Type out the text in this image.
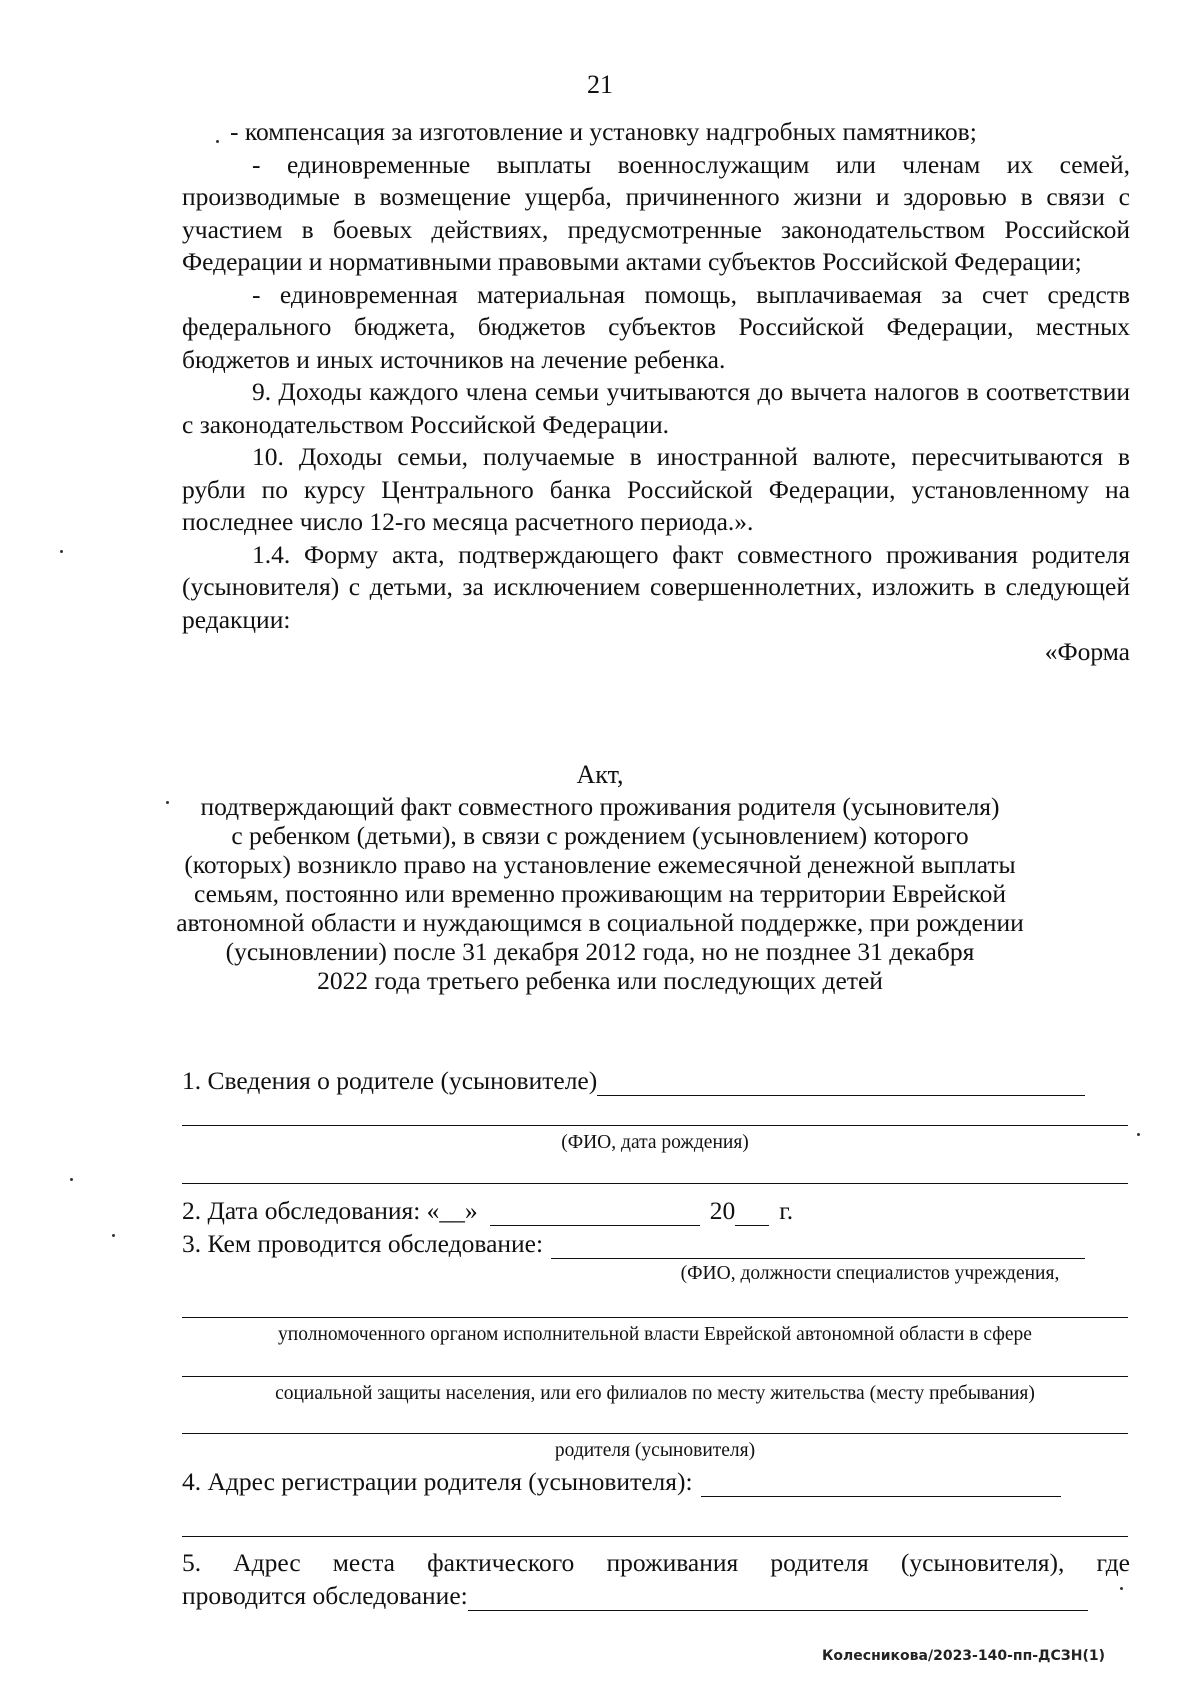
21

- компенсация за изготовление и установку надгробных памятников;

- единовременные выплаты военнослужащим или членам их семей, производимые в возмещение ущерба, причиненного жизни и здоровью в связи с участием в боевых действиях, предусмотренные законодательством Российской Федерации и нормативными правовыми актами субъектов Российской Федерации;

- единовременная материальная помощь, выплачиваемая за счет средств федерального бюджета, бюджетов субъектов Российской Федерации, местных бюджетов и иных источников на лечение ребенка.

9. Доходы каждого члена семьи учитываются до вычета налогов в соответствии с законодательством Российской Федерации.

10. Доходы семьи, получаемые в иностранной валюте, пересчитываются в рубли по курсу Центрального банка Российской Федерации, установленному на последнее число 12-го месяца расчетного периода.».

1.4. Форму акта, подтверждающего факт совместного проживания родителя (усыновителя) с детьми, за исключением совершеннолетних, изложить в следующей редакции:

«Форма

Акт,
подтверждающий факт совместного проживания родителя (усыновителя)
с ребенком (детьми), в связи с рождением (усыновлением) которого
(которых) возникло право на установление ежемесячной денежной выплаты
семьям, постоянно или временно проживающим на территории Еврейской
автономной области и нуждающимся в социальной поддержке, при рождении
(усыновлении) после 31 декабря 2012 года, но не позднее 31 декабря
2022 года третьего ребенка или последующих детей
1. Сведения о родителе (усыновителе)
(ФИО, дата рождения)
2. Дата обследования: «__»	20 г.
3. Кем проводится обследование:
(ФИО, должности специалистов учреждения,
уполномоченного органом исполнительной власти Еврейской автономной области в сфере
социальной защиты населения, или его филиалов по месту жительства (месту пребывания)
родителя (усыновителя)
4. Адрес регистрации родителя (усыновителя):
5. Адрес места фактического проживания родителя (усыновителя), где
проводится обследование:
Колесникова/2023-140-пп-ДСЗН(1)
